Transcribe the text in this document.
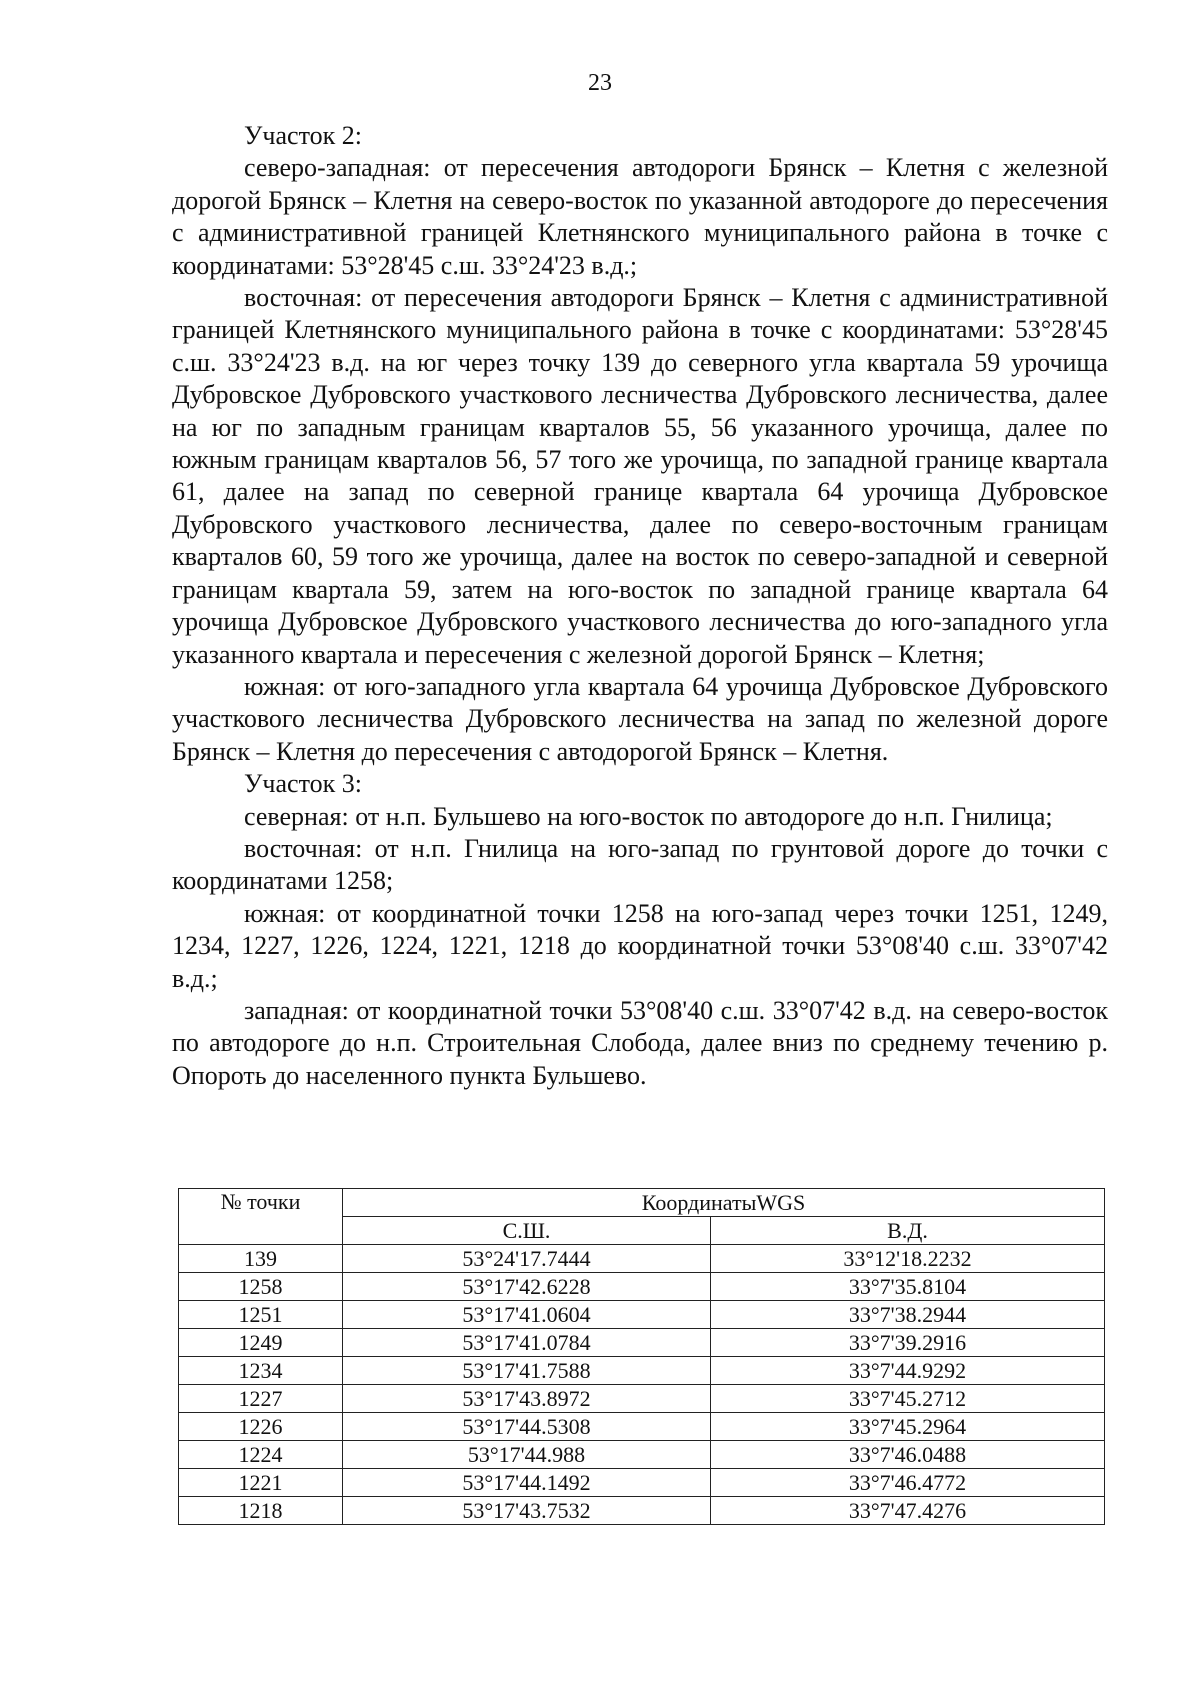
23

Участок 2:

северо-западная: от пересечения автодороги Брянск – Клетня с железной дорогой Брянск – Клетня на северо-восток по указанной автодороге до пересечения с административной границей Клетнянского муниципального района в точке с координатами: 53°28'45 с.ш. 33°24'23 в.д.;

восточная: от пересечения автодороги Брянск – Клетня с административной границей Клетнянского муниципального района в точке с координатами: 53°28'45 с.ш. 33°24'23 в.д. на юг через точку 139 до северного угла квартала 59 урочища Дубровское Дубровского участкового лесничества Дубровского лесничества, далее на юг по западным границам кварталов 55, 56 указанного урочища, далее по южным границам кварталов 56, 57 того же урочища, по западной границе квартала 61, далее на запад по северной границе квартала 64 урочища Дубровское Дубровского участкового лесничества, далее по северо-восточным границам кварталов 60, 59 того же урочища, далее на восток по северо-западной и северной границам квартала 59, затем на юго-восток по западной границе квартала 64 урочища Дубровское Дубровского участкового лесничества до юго-западного угла указанного квартала и пересечения с железной дорогой Брянск – Клетня;

южная: от юго-западного угла квартала 64 урочища Дубровское Дубровского участкового лесничества Дубровского лесничества на запад по железной дороге Брянск – Клетня до пересечения с автодорогой Брянск – Клетня.

Участок 3:

северная: от н.п. Бульшево на юго-восток по автодороге до н.п. Гнилица;

восточная: от н.п. Гнилица на юго-запад по грунтовой дороге до точки с координатами 1258;

южная: от координатной точки 1258 на юго-запад через точки 1251, 1249, 1234, 1227, 1226, 1224, 1221, 1218 до координатной точки 53°08'40 с.ш. 33°07'42 в.д.;

западная: от координатной точки 53°08'40 с.ш. 33°07'42 в.д. на северо-восток по автодороге до н.п. Строительная Слобода, далее вниз по среднему течению р. Опороть до населенного пункта Бульшево.

№ точки	КоординатыWGS	
	С.Ш.	В.Д.
139	53°24'17.7444	33°12'18.2232
1258	53°17'42.6228	33°7'35.8104
1251	53°17'41.0604	33°7'38.2944
1249	53°17'41.0784	33°7'39.2916
1234	53°17'41.7588	33°7'44.9292
1227	53°17'43.8972	33°7'45.2712
1226	53°17'44.5308	33°7'45.2964
1224	53°17'44.988	33°7'46.0488
1221	53°17'44.1492	33°7'46.4772
1218	53°17'43.7532	33°7'47.4276
